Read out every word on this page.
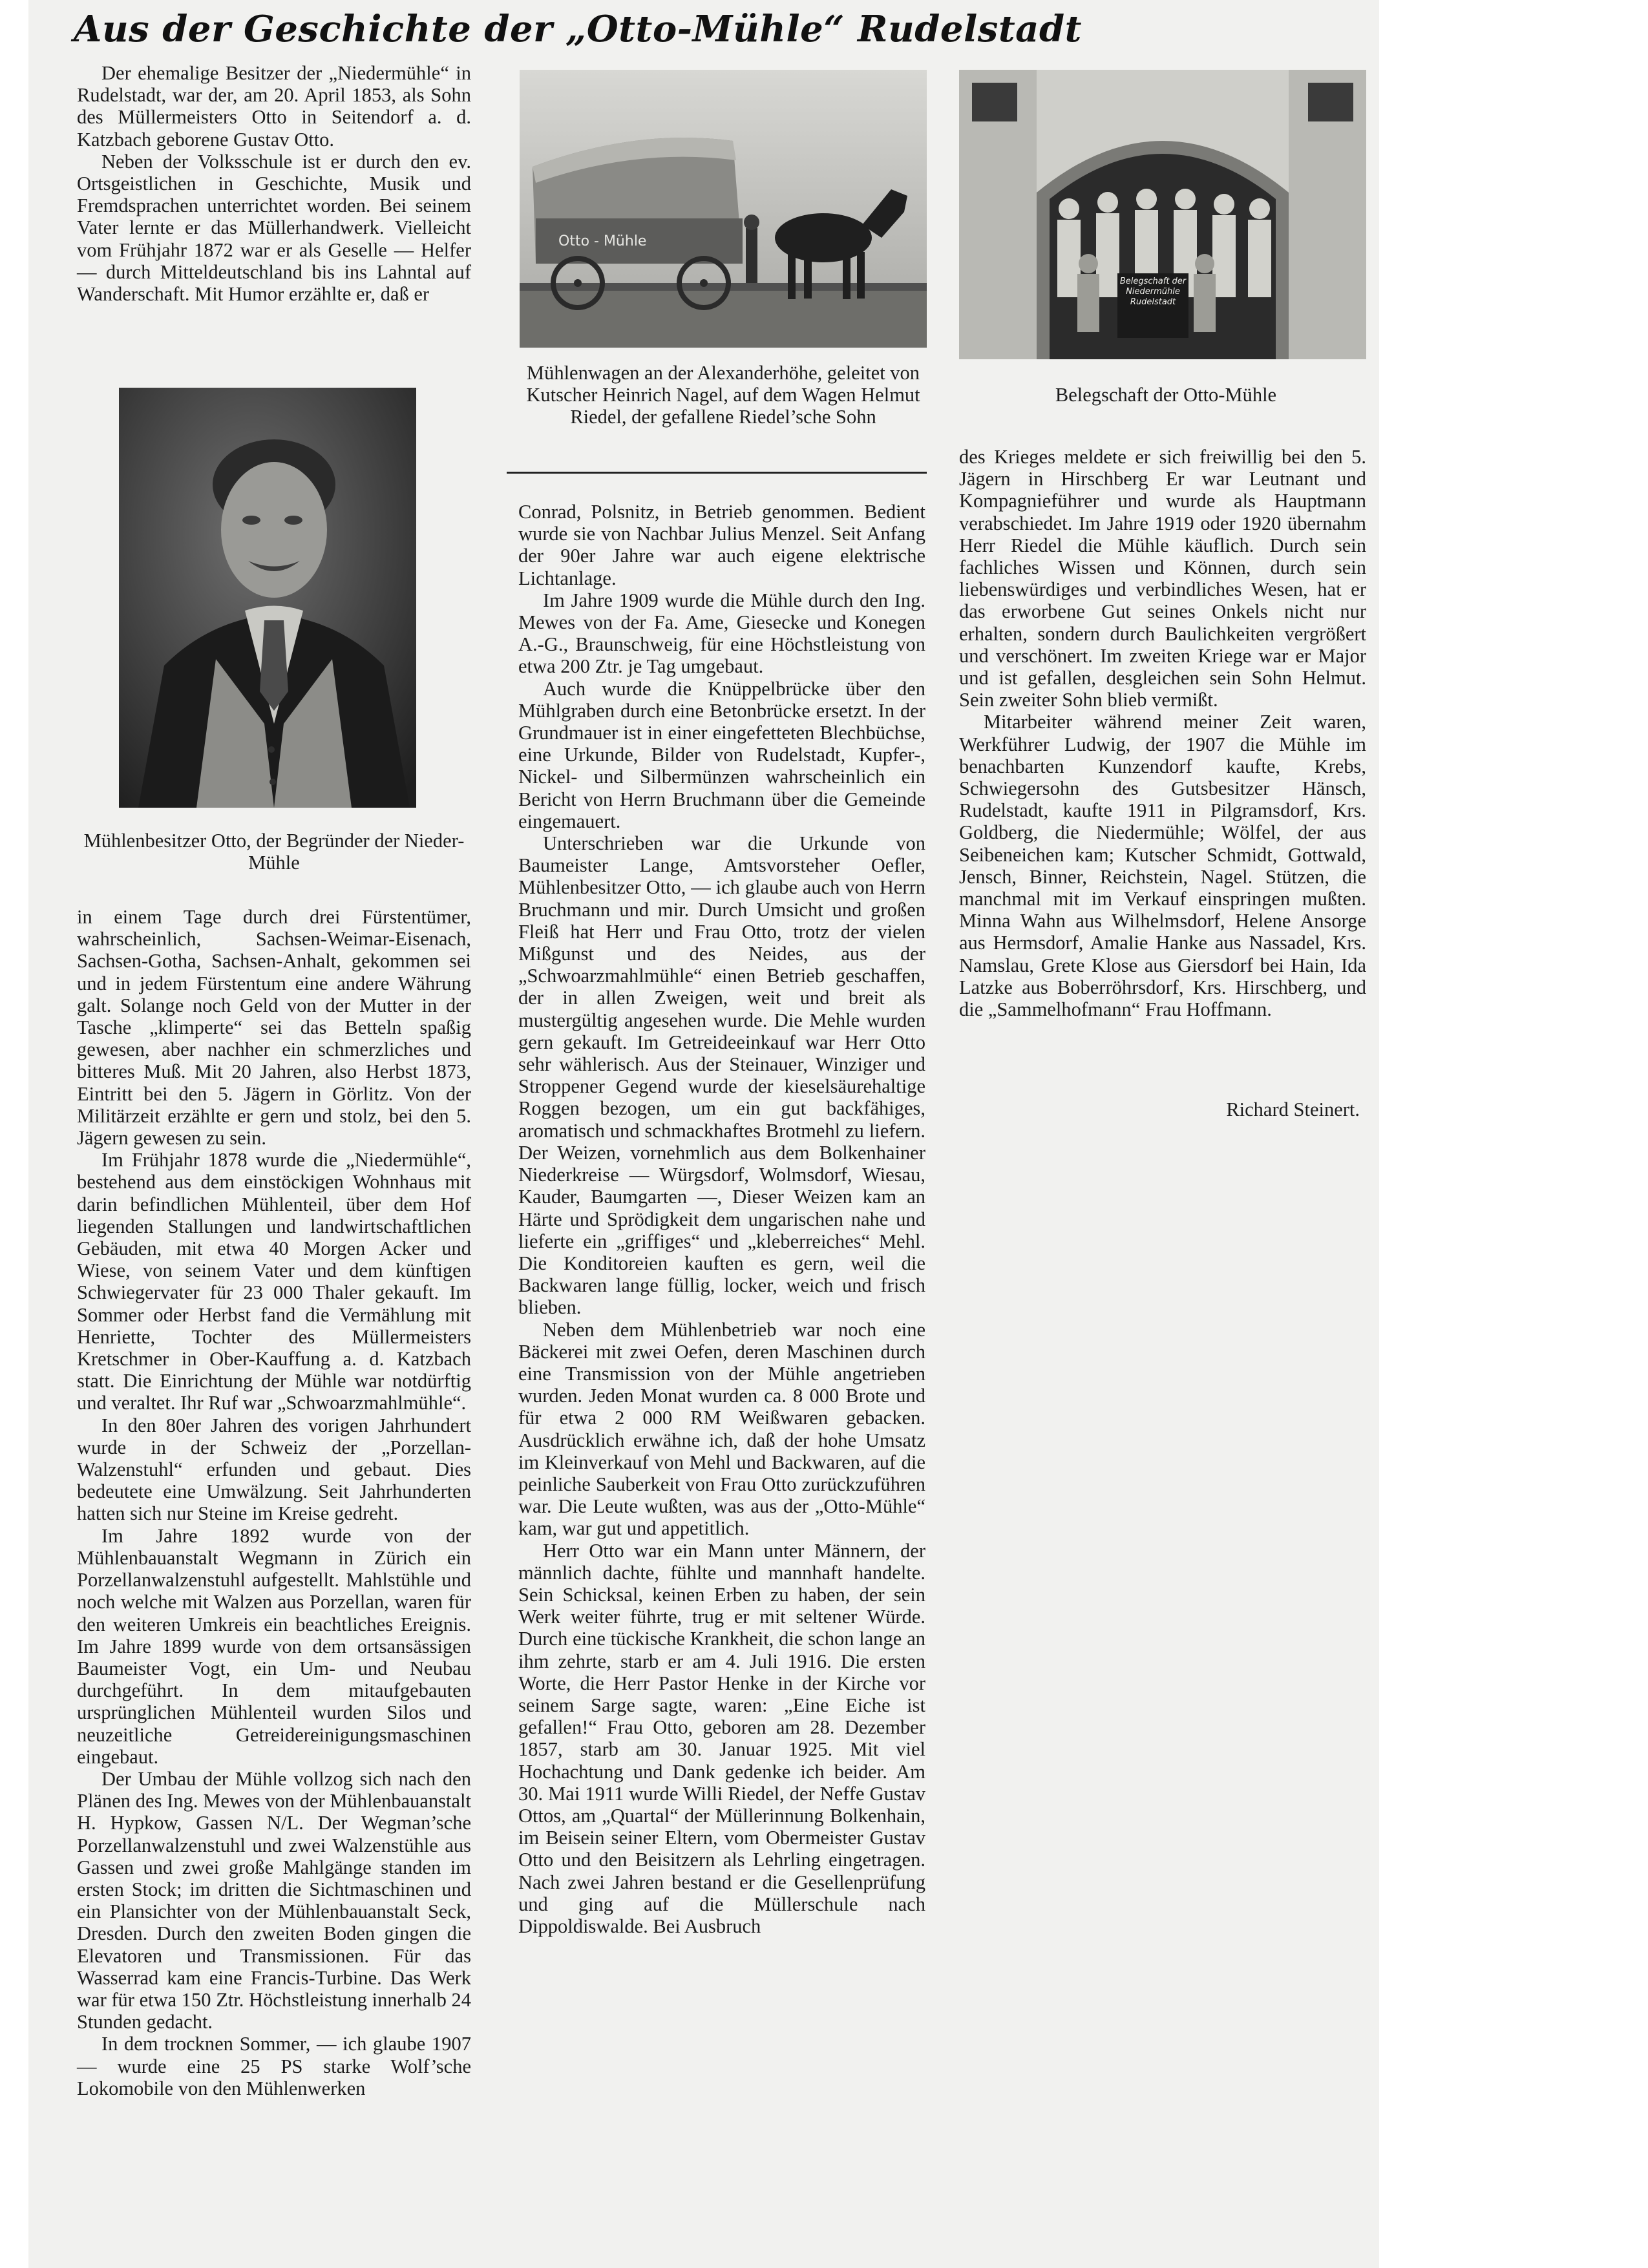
Aus der Geschichte der „Otto-Mühle“ Rudelstadt

Der ehemalige Besitzer der „Niedermühle“ in Rudelstadt, war der, am 20. April 1853, als Sohn des Müllermeisters Otto in Seitendorf a. d. Katzbach geborene Gustav Otto.

Neben der Volksschule ist er durch den ev. Ortsgeistlichen in Geschichte, Musik und Fremdsprachen unterrichtet worden. Bei seinem Vater lernte er das Müllerhandwerk. Vielleicht vom Frühjahr 1872 war er als Geselle — Helfer — durch Mitteldeutschland bis ins Lahntal auf Wanderschaft. Mit Humor erzählte er, daß er

Mühlenbesitzer Otto, der Begründer der Nieder-Mühle

in einem Tage durch drei Fürstentümer, wahrscheinlich, Sachsen-Weimar-Eisenach, Sachsen-Gotha, Sachsen-Anhalt, gekommen sei und in jedem Fürstentum eine andere Währung galt. Solange noch Geld von der Mutter in der Tasche „klimperte“ sei das Betteln spaßig gewesen, aber nachher ein schmerzliches und bitteres Muß. Mit 20 Jahren, also Herbst 1873, Eintritt bei den 5. Jägern in Görlitz. Von der Militärzeit erzählte er gern und stolz, bei den 5. Jägern gewesen zu sein.

Im Frühjahr 1878 wurde die „Niedermühle“, bestehend aus dem einstöckigen Wohnhaus mit darin befindlichen Mühlenteil, über dem Hof liegenden Stallungen und landwirtschaftlichen Gebäuden, mit etwa 40 Morgen Acker und Wiese, von seinem Vater und dem künftigen Schwiegervater für 23 000 Thaler gekauft. Im Sommer oder Herbst fand die Vermählung mit Henriette, Tochter des Müllermeisters Kretschmer in Ober-Kauffung a. d. Katzbach statt. Die Einrichtung der Mühle war notdürftig und veraltet. Ihr Ruf war „Schwoarzmahlmühle“.

In den 80er Jahren des vorigen Jahrhundert wurde in der Schweiz der „Porzellan-Walzenstuhl“ erfunden und gebaut. Dies bedeutete eine Umwälzung. Seit Jahrhunderten hatten sich nur Steine im Kreise gedreht.

Im Jahre 1892 wurde von der Mühlenbauanstalt Wegmann in Zürich ein Porzellanwalzenstuhl aufgestellt. Mahlstühle und noch welche mit Walzen aus Porzellan, waren für den weiteren Umkreis ein beachtliches Ereignis. Im Jahre 1899 wurde von dem ortsansässigen Baumeister Vogt, ein Um- und Neubau durchgeführt. In dem mitaufgebauten ursprünglichen Mühlenteil wurden Silos und neuzeitliche Getreidereinigungsmaschinen eingebaut.

Der Umbau der Mühle vollzog sich nach den Plänen des Ing. Mewes von der Mühlenbauanstalt H. Hypkow, Gassen N/L. Der Wegman’sche Porzellanwalzenstuhl und zwei Walzenstühle aus Gassen und zwei große Mahlgänge standen im ersten Stock; im dritten die Sichtmaschinen und ein Plansichter von der Mühlenbauanstalt Seck, Dresden. Durch den zweiten Boden gingen die Elevatoren und Transmissionen. Für das Wasserrad kam eine Francis-Turbine. Das Werk war für etwa 150 Ztr. Höchstleistung innerhalb 24 Stunden gedacht.

In dem trocknen Sommer, — ich glaube 1907 — wurde eine 25 PS starke Wolf’sche Lokomobile von den Mühlenwerken

Otto - Mühle
Mühlenwagen an der Alexanderhöhe, geleitet von Kutscher Heinrich Nagel, auf dem Wagen Helmut Riedel, der gefallene Riedel’sche Sohn

Conrad, Polsnitz, in Betrieb genommen. Bedient wurde sie von Nachbar Julius Menzel. Seit Anfang der 90er Jahre war auch eigene elektrische Lichtanlage.

Im Jahre 1909 wurde die Mühle durch den Ing. Mewes von der Fa. Ame, Giesecke und Konegen A.-G., Braunschweig, für eine Höchstleistung von etwa 200 Ztr. je Tag umgebaut.

Auch wurde die Knüppelbrücke über den Mühlgraben durch eine Betonbrücke ersetzt. In der Grundmauer ist in einer eingefetteten Blechbüchse, eine Urkunde, Bilder von Rudelstadt, Kupfer-, Nickel- und Silbermünzen wahrscheinlich ein Bericht von Herrn Bruchmann über die Gemeinde eingemauert.

Unterschrieben war die Urkunde von Baumeister Lange, Amtsvorsteher Oefler, Mühlenbesitzer Otto, — ich glaube auch von Herrn Bruchmann und mir. Durch Umsicht und großen Fleiß hat Herr und Frau Otto, trotz der vielen Mißgunst und des Neides, aus der „Schwoarzmahlmühle“ einen Betrieb geschaffen, der in allen Zweigen, weit und breit als mustergültig angesehen wurde. Die Mehle wurden gern gekauft. Im Getreideeinkauf war Herr Otto sehr wählerisch. Aus der Steinauer, Winziger und Stroppener Gegend wurde der kieselsäurehaltige Roggen bezogen, um ein gut backfähiges, aromatisch und schmackhaftes Brotmehl zu liefern. Der Weizen, vornehmlich aus dem Bolkenhainer Niederkreise — Würgsdorf, Wolmsdorf, Wiesau, Kauder, Baumgarten —, Dieser Weizen kam an Härte und Sprödigkeit dem ungarischen nahe und lieferte ein „griffiges“ und „kleberreiches“ Mehl. Die Konditoreien kauften es gern, weil die Backwaren lange füllig, locker, weich und frisch blieben.

Neben dem Mühlenbetrieb war noch eine Bäckerei mit zwei Oefen, deren Maschinen durch eine Transmission von der Mühle angetrieben wurden. Jeden Monat wurden ca. 8 000 Brote und für etwa 2 000 RM Weißwaren gebacken. Ausdrücklich erwähne ich, daß der hohe Umsatz im Kleinverkauf von Mehl und Backwaren, auf die peinliche Sauberkeit von Frau Otto zurückzuführen war. Die Leute wußten, was aus der „Otto-Mühle“ kam, war gut und appetitlich.

Herr Otto war ein Mann unter Männern, der männlich dachte, fühlte und mannhaft handelte. Sein Schicksal, keinen Erben zu haben, der sein Werk weiter führte, trug er mit seltener Würde. Durch eine tückische Krankheit, die schon lange an ihm zehrte, starb er am 4. Juli 1916. Die ersten Worte, die Herr Pastor Henke in der Kirche vor seinem Sarge sagte, waren: „Eine Eiche ist gefallen!“ Frau Otto, geboren am 28. Dezember 1857, starb am 30. Januar 1925. Mit viel Hochachtung und Dank gedenke ich beider. Am 30. Mai 1911 wurde Willi Riedel, der Neffe Gustav Ottos, am „Quartal“ der Müllerinnung Bolkenhain, im Beisein seiner Eltern, vom Obermeister Gustav Otto und den Beisitzern als Lehrling eingetragen. Nach zwei Jahren bestand er die Gesellenprüfung und ging auf die Müllerschule nach Dippoldiswalde. Bei Ausbruch

Belegschaft der Niedermühle Rudelstadt
Belegschaft der Otto-Mühle

des Krieges meldete er sich freiwillig bei den 5. Jägern in Hirschberg Er war Leutnant und Kompagnieführer und wurde als Hauptmann verabschiedet. Im Jahre 1919 oder 1920 übernahm Herr Riedel die Mühle käuflich. Durch sein fachliches Wissen und Können, durch sein liebenswürdiges und verbindliches Wesen, hat er das erworbene Gut seines Onkels nicht nur erhalten, sondern durch Baulichkeiten vergrößert und verschönert. Im zweiten Kriege war er Major und ist gefallen, desgleichen sein Sohn Helmut. Sein zweiter Sohn blieb vermißt.

Mitarbeiter während meiner Zeit waren, Werkführer Ludwig, der 1907 die Mühle im benachbarten Kunzendorf kaufte, Krebs, Schwiegersohn des Gutsbesitzer Hänsch, Rudelstadt, kaufte 1911 in Pilgramsdorf, Krs. Goldberg, die Niedermühle; Wölfel, der aus Seibeneichen kam; Kutscher Schmidt, Gottwald, Jensch, Binner, Reichstein, Nagel. Stützen, die manchmal mit im Verkauf einspringen mußten. Minna Wahn aus Wilhelmsdorf, Helene Ansorge aus Hermsdorf, Amalie Hanke aus Nassadel, Krs. Namslau, Grete Klose aus Giersdorf bei Hain, Ida Latzke aus Boberröhrsdorf, Krs. Hirschberg, und die „Sammelhofmann“ Frau Hoffmann.

Richard Steinert.
